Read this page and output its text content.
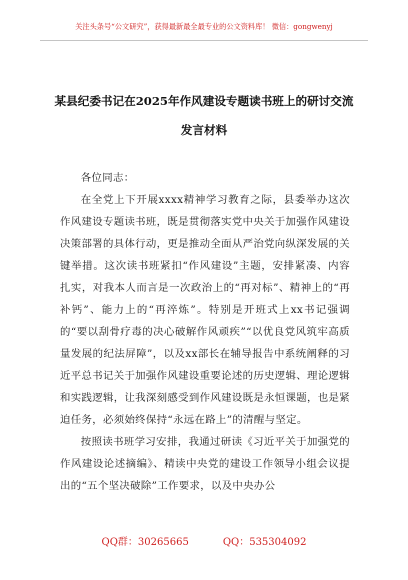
关注头条号“公文研究”，获得最新最全最专业的公文资料库！ 微信：gongwenyj
某县纪委书记在2025年作风建设专题读书班上的研讨交流
发言材料

各位同志：

在全党上下开展xxxx精神学习教育之际，县委举办这次作风建设专题读书班，既是贯彻落实党中央关于加强作风建设决策部署的具体行动，更是推动全面从严治党向纵深发展的关键举措。这次读书班紧扣“作风建设”主题，安排紧凑、内容扎实，对我本人而言是一次政治上的“再对标”、精神上的“再补钙”、能力上的“再淬炼”。特别是开班式上xx书记强调的“要以刮骨疗毒的决心破解作风顽疾”“以优良党风筑牢高质量发展的纪法屏障”，以及xx部长在辅导报告中系统阐释的习近平总书记关于加强作风建设重要论述的历史逻辑、理论逻辑和实践逻辑，让我深刻感受到作风建设既是永恒课题，也是紧迫任务，必须始终保持“永远在路上”的清醒与坚定。

按照读书班学习安排，我通过研读《习近平关于加强党的作风建设论述摘编》、精读中央党的建设工作领导小组会议提出的“五个坚决破除”工作要求，以及中央办公

QQ群：30265665	QQ：535304092
